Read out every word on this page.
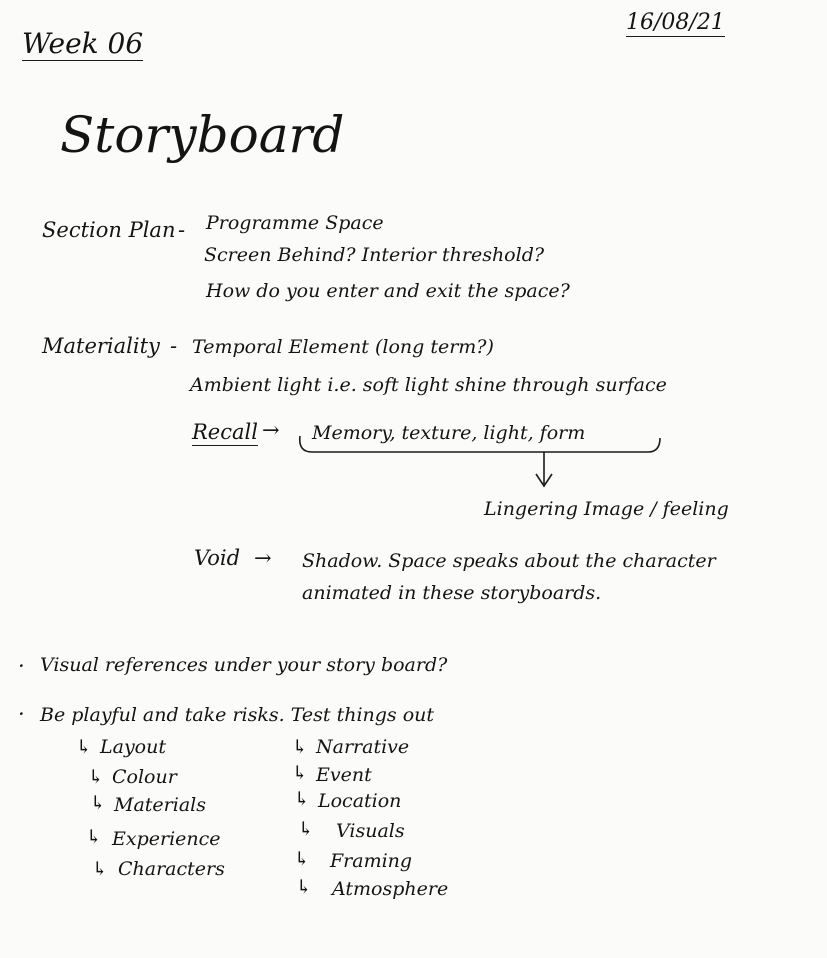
Week 06
16/08/21
Storyboard
Section Plan - Programme Space
Screen Behind? Interior threshold?
How do you enter and exit the space?
Materiality - Temporal Element (long term?)
Ambient light i.e. soft light shine through surface
Recall → Memory, texture, light, form
Lingering Image / feeling
Void → Shadow. Space speaks about the character
animated in these storyboards.
· Visual references under your story board?
· Be playful and take risks. Test things out
↳ Layout
↳ Colour
↳ Materials
↳ Experience
↳ Characters
↳ Narrative
↳ Event
↳ Location
↳ Visuals
↳ Framing
↳ Atmosphere
